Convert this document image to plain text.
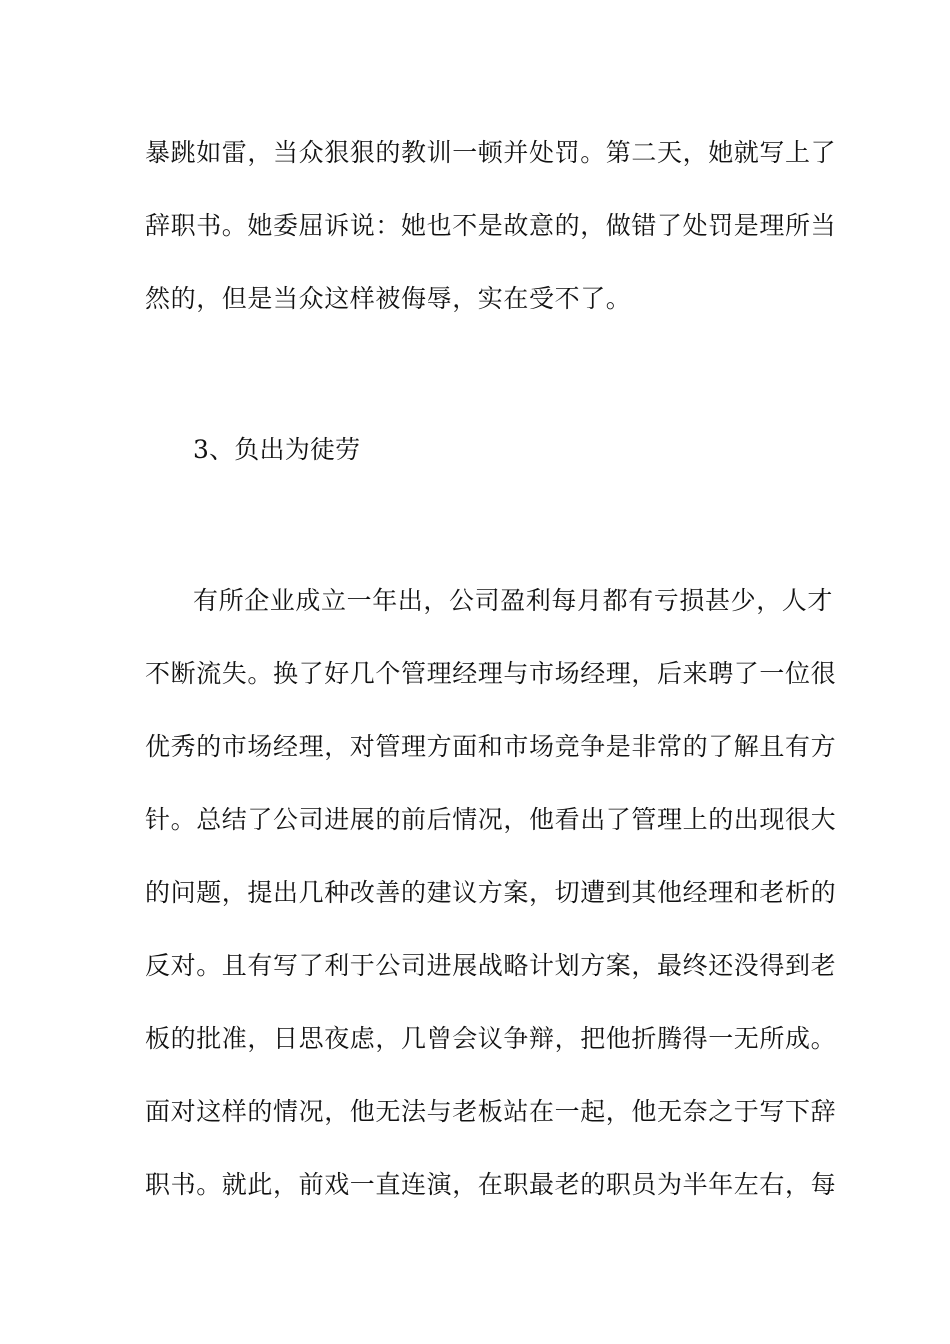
暴跳如雷，当众狠狠的教训一顿并处罚。第二天，她就写上了
辞职书。她委屈诉说：她也不是故意的，做错了处罚是理所当
然的，但是当众这样被侮辱，实在受不了。
3、负出为徒劳
有所企业成立一年出，公司盈利每月都有亏损甚少，人才
不断流失。换了好几个管理经理与市场经理，后来聘了一位很
优秀的市场经理，对管理方面和市场竞争是非常的了解且有方
针。总结了公司进展的前后情况，他看出了管理上的出现很大
的问题，提出几种改善的建议方案，切遭到其他经理和老析的
反对。且有写了利于公司进展战略计划方案，最终还没得到老
板的批准，日思夜虑，几曾会议争辩，把他折腾得一无所成。
面对这样的情况，他无法与老板站在一起，他无奈之于写下辞
职书。就此，前戏一直连演，在职最老的职员为半年左右，每
